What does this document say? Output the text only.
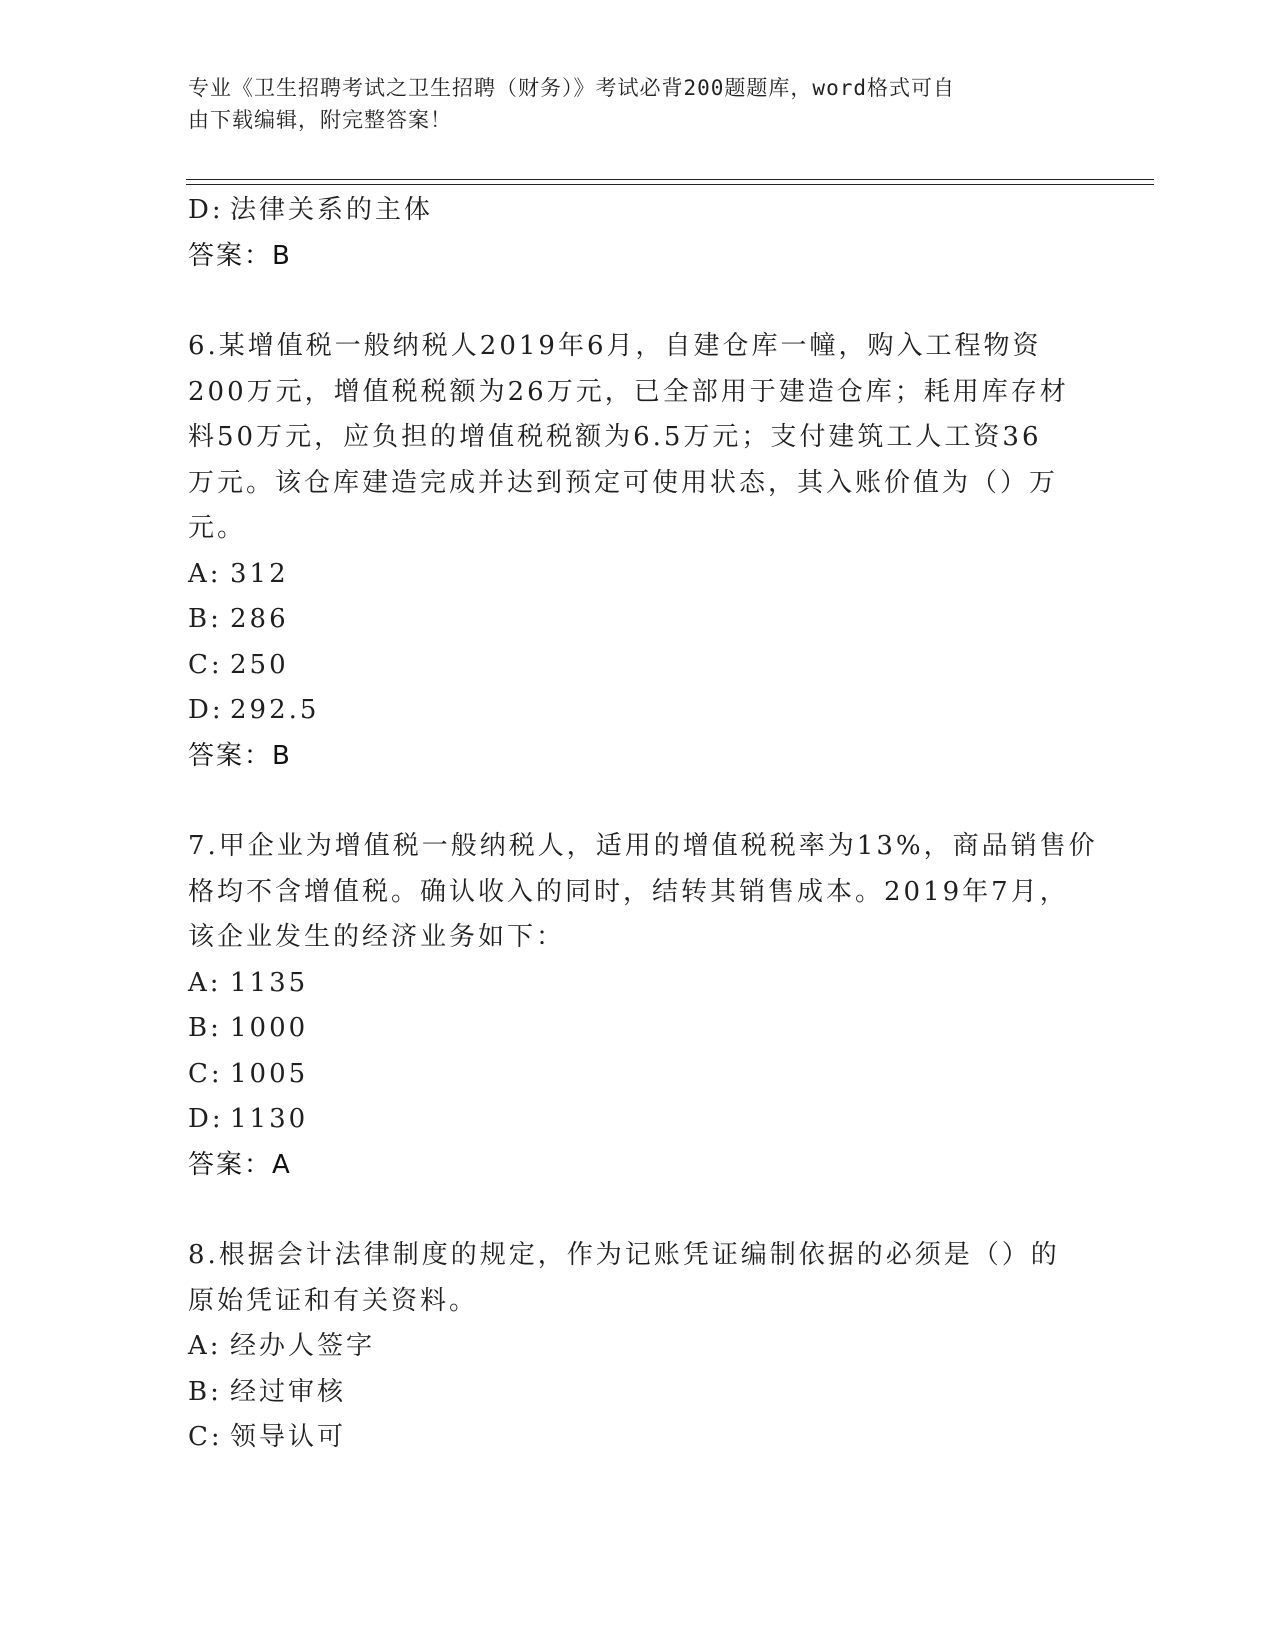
专业《卫生招聘考试之卫生招聘（财务）》考试必背200题题库，word格式可自
由下载编辑，附完整答案！
D: 法律关系的主体
答案：B
6.某增值税一般纳税人2019年6月，自建仓库一幢，购入工程物资
200万元，增值税税额为26万元，已全部用于建造仓库；耗用库存材
料50万元，应负担的增值税税额为6.5万元；支付建筑工人工资36
万元。该仓库建造完成并达到预定可使用状态，其入账价值为（）万
元。
A: 312
B: 286
C: 250
D: 292.5
答案：B
7.甲企业为增值税一般纳税人，适用的增值税税率为13%，商品销售价
格均不含增值税。确认收入的同时，结转其销售成本。2019年7月，
该企业发生的经济业务如下：
A: 1135
B: 1000
C: 1005
D: 1130
答案：A
8.根据会计法律制度的规定，作为记账凭证编制依据的必须是（）的
原始凭证和有关资料。
A: 经办人签字
B: 经过审核
C: 领导认可
